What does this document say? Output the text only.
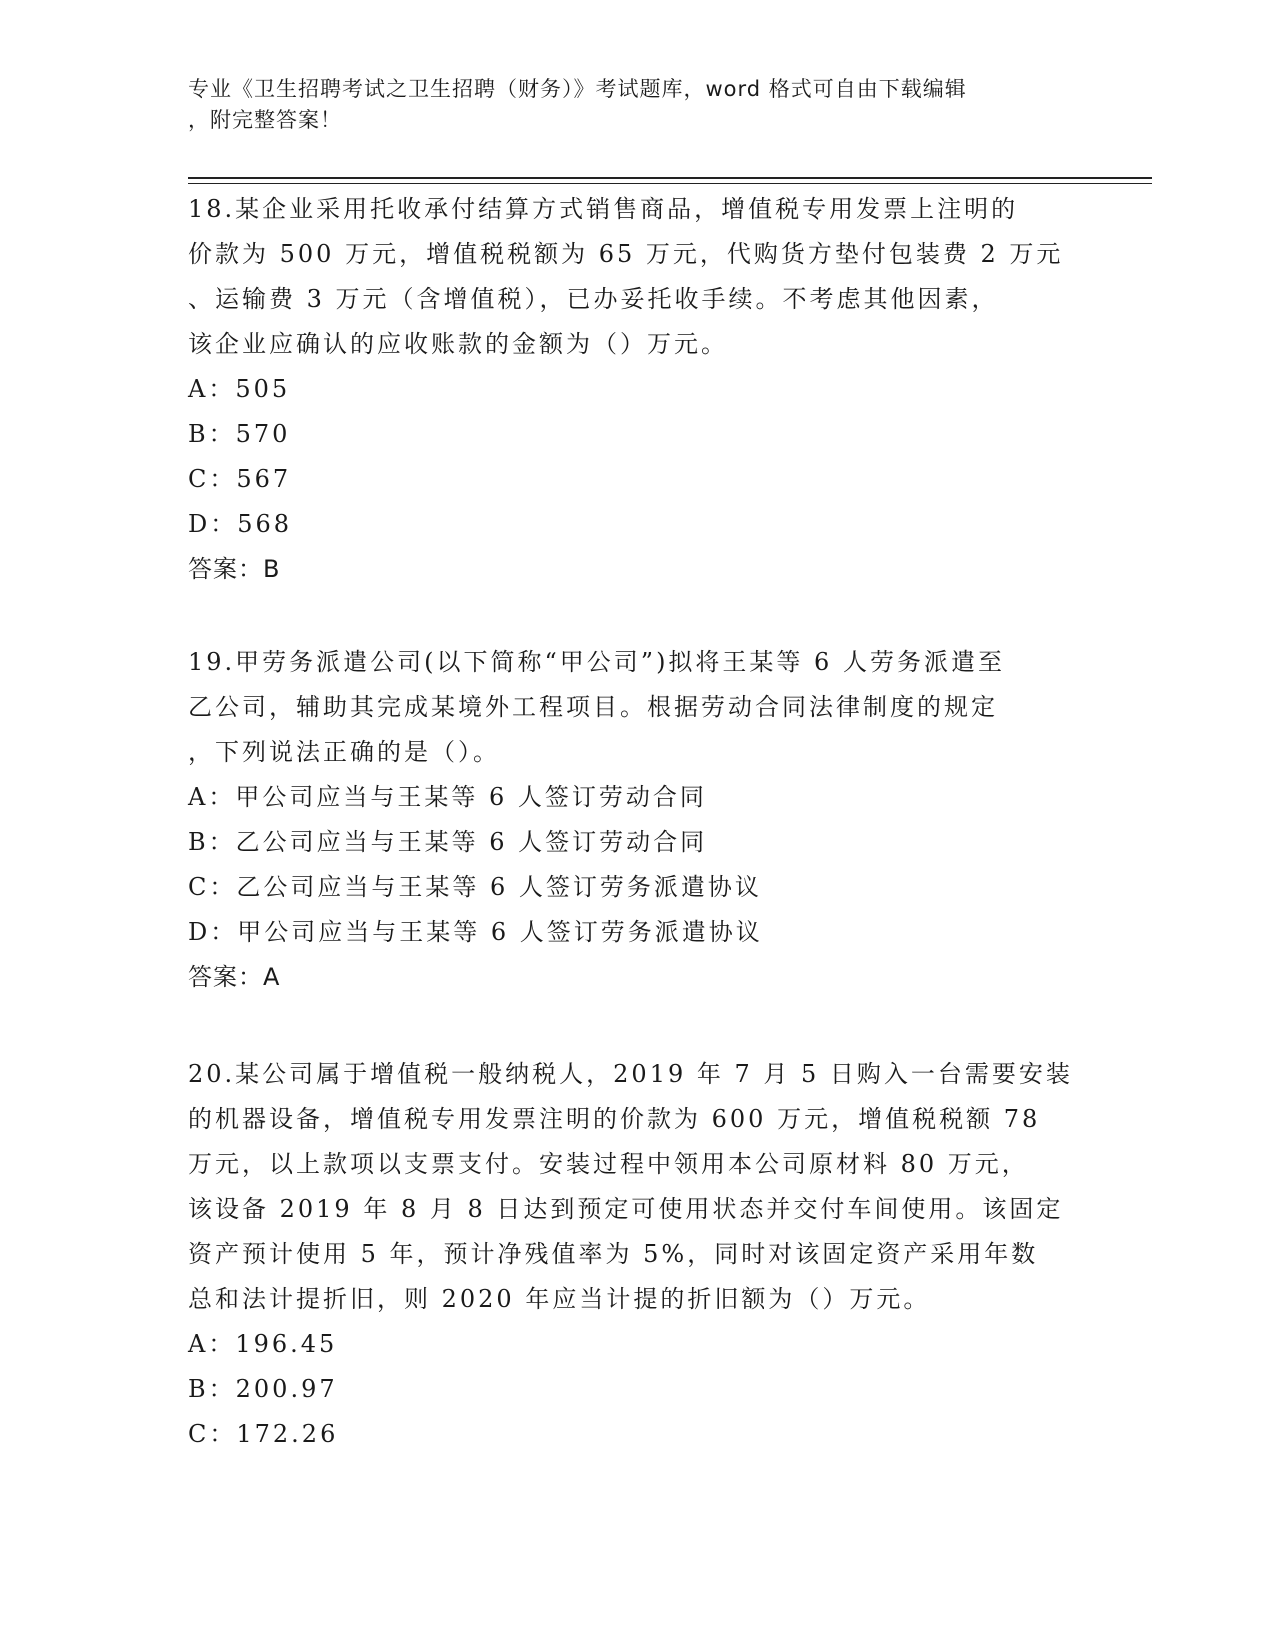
专业《卫生招聘考试之卫生招聘（财务）》考试题库，word 格式可自由下载编辑

，附完整答案！

18.某企业采用托收承付结算方式销售商品，增值税专用发票上注明的
价款为 500 万元，增值税税额为 65 万元，代购货方垫付包装费 2 万元
、运输费 3 万元（含增值税），已办妥托收手续。不考虑其他因素，
该企业应确认的应收账款的金额为（）万元。
A：505
B：570
C：567
D：568
答案：B
19.甲劳务派遣公司(以下简称“甲公司”)拟将王某等 6 人劳务派遣至
乙公司，辅助其完成某境外工程项目。根据劳动合同法律制度的规定
，下列说法正确的是（）。
A：甲公司应当与王某等 6 人签订劳动合同
B：乙公司应当与王某等 6 人签订劳动合同
C：乙公司应当与王某等 6 人签订劳务派遣协议
D：甲公司应当与王某等 6 人签订劳务派遣协议
答案：A
20.某公司属于增值税一般纳税人，2019 年 7 月 5 日购入一台需要安装
的机器设备，增值税专用发票注明的价款为 600 万元，增值税税额 78
万元，以上款项以支票支付。安装过程中领用本公司原材料 80 万元，
该设备 2019 年 8 月 8 日达到预定可使用状态并交付车间使用。该固定
资产预计使用 5 年，预计净残值率为 5%，同时对该固定资产采用年数
总和法计提折旧，则 2020 年应当计提的折旧额为（）万元。
A：196.45
B：200.97
C：172.26
